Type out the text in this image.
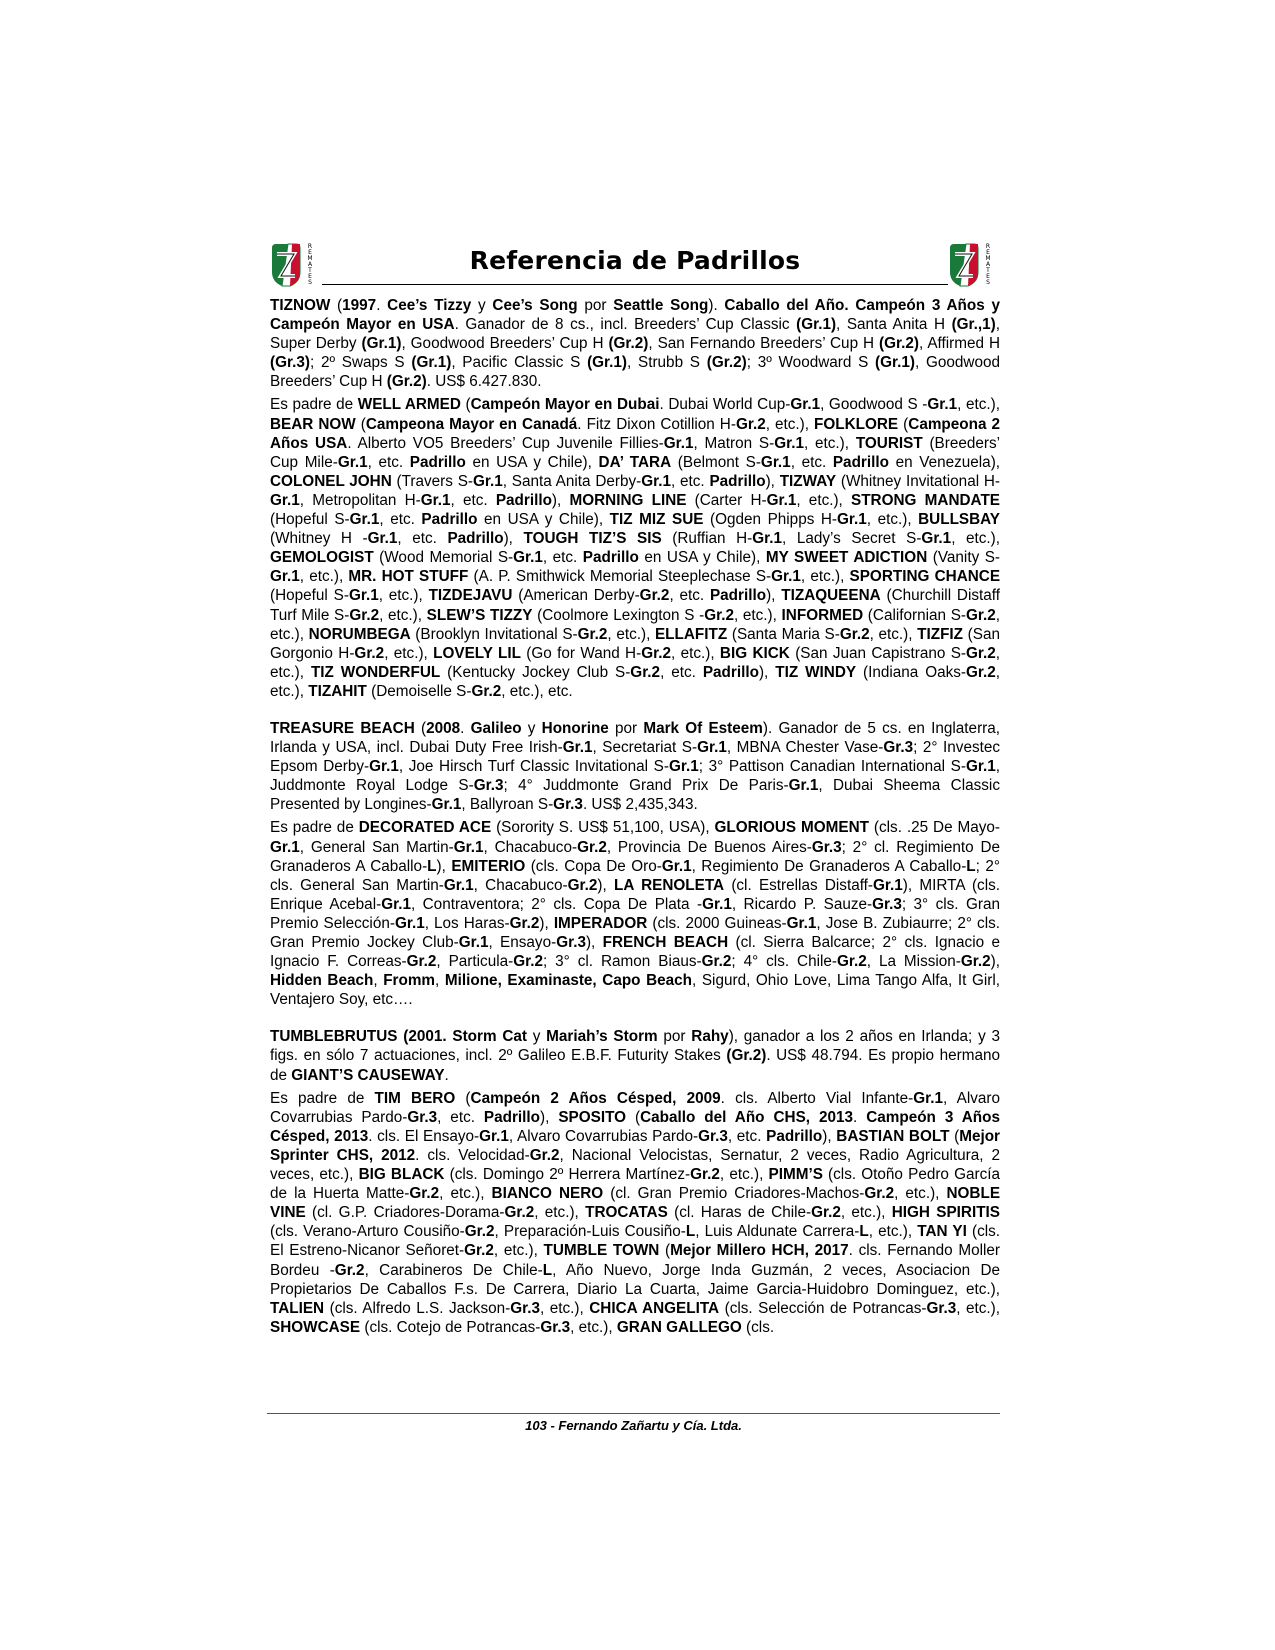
R E M A T E S
Referencia de Padrillos	R E M A T E S

TIZNOW (1997. Cee’s Tizzy y Cee’s Song por Seattle Song). Caballo del Año. Campeón 3 Años y Campeón Mayor en USA. Ganador de 8 cs., incl. Breeders’ Cup Classic (Gr.1), Santa Anita H (Gr.,1), Super Derby (Gr.1), Goodwood Breeders’ Cup H (Gr.2), San Fernando Breeders’ Cup H (Gr.2), Affirmed H (Gr.3); 2º Swaps S (Gr.1), Pacific Classic S (Gr.1), Strubb S (Gr.2); 3º Woodward S (Gr.1), Goodwood Breeders’ Cup H (Gr.2). US$ 6.427.830.

Es padre de WELL ARMED (Campeón Mayor en Dubai. Dubai World Cup-Gr.1, Goodwood S -Gr.1, etc.), BEAR NOW (Campeona Mayor en Canadá. Fitz Dixon Cotillion H-Gr.2, etc.), FOLKLORE (Campeona 2 Años USA. Alberto VO5 Breeders’ Cup Juvenile Fillies-Gr.1, Matron S-Gr.1, etc.), TOURIST (Breeders’ Cup Mile-Gr.1, etc. Padrillo en USA y Chile), DA’ TARA (Belmont S-Gr.1, etc. Padrillo en Venezuela), COLONEL JOHN (Travers S-Gr.1, Santa Anita Derby-Gr.1, etc. Padrillo), TIZWAY (Whitney Invitational H-Gr.1, Metropolitan H-Gr.1, etc. Padrillo), MORNING LINE (Carter H-Gr.1, etc.), STRONG MANDATE (Hopeful S-Gr.1, etc. Padrillo en USA y Chile), TIZ MIZ SUE (Ogden Phipps H-Gr.1, etc.), BULLSBAY (Whitney H -Gr.1, etc. Padrillo), TOUGH TIZ’S SIS (Ruffian H-Gr.1, Lady’s Secret S-Gr.1, etc.), GEMOLOGIST (Wood Memorial S-Gr.1, etc. Padrillo en USA y Chile), MY SWEET ADICTION (Vanity S-Gr.1, etc.), MR. HOT STUFF (A. P. Smithwick Memorial Steeplechase S-Gr.1, etc.), SPORTING CHANCE (Hopeful S-Gr.1, etc.), TIZDEJAVU (American Derby-Gr.2, etc. Padrillo), TIZAQUEENA (Churchill Distaff Turf Mile S-Gr.2, etc.), SLEW’S TIZZY (Coolmore Lexington S -Gr.2, etc.), INFORMED (Californian S-Gr.2, etc.), NORUMBEGA (Brooklyn Invitational S-Gr.2, etc.), ELLAFITZ (Santa Maria S-Gr.2, etc.), TIZFIZ (San Gorgonio H-Gr.2, etc.), LOVELY LIL (Go for Wand H-Gr.2, etc.), BIG KICK (San Juan Capistrano S-Gr.2, etc.), TIZ WONDERFUL (Kentucky Jockey Club S-Gr.2, etc. Padrillo), TIZ WINDY (Indiana Oaks-Gr.2, etc.), TIZAHIT (Demoiselle S-Gr.2, etc.), etc.

TREASURE BEACH (2008. Galileo y Honorine por Mark Of Esteem). Ganador de 5 cs. en Inglaterra, Irlanda y USA, incl. Dubai Duty Free Irish-Gr.1, Secretariat S-Gr.1, MBNA Chester Vase-Gr.3; 2° Investec Epsom Derby-Gr.1, Joe Hirsch Turf Classic Invitational S-Gr.1; 3° Pattison Canadian International S-Gr.1, Juddmonte Royal Lodge S-Gr.3; 4° Juddmonte Grand Prix De Paris-Gr.1, Dubai Sheema Classic Presented by Longines-Gr.1, Ballyroan S-Gr.3. US$ 2,435,343.

Es padre de DECORATED ACE (Sorority S. US$ 51,100, USA), GLORIOUS MOMENT (cls. .25 De Mayo-Gr.1, General San Martin-Gr.1, Chacabuco-Gr.2, Provincia De Buenos Aires-Gr.3; 2° cl. Regimiento De Granaderos A Caballo-L), EMITERIO (cls. Copa De Oro-Gr.1, Regimiento De Granaderos A Caballo-L; 2° cls. General San Martin-Gr.1, Chacabuco-Gr.2), LA RENOLETA (cl. Estrellas Distaff-Gr.1), MIRTA (cls. Enrique Acebal-Gr.1, Contraventora; 2° cls. Copa De Plata -Gr.1, Ricardo P. Sauze-Gr.3; 3° cls. Gran Premio Selección-Gr.1, Los Haras-Gr.2), IMPERADOR (cls. 2000 Guineas-Gr.1, Jose B. Zubiaurre; 2° cls. Gran Premio Jockey Club-Gr.1, Ensayo-Gr.3), FRENCH BEACH (cl. Sierra Balcarce; 2° cls. Ignacio e Ignacio F. Correas-Gr.2, Particula-Gr.2; 3° cl. Ramon Biaus-Gr.2; 4° cls. Chile-Gr.2, La Mission-Gr.2), Hidden Beach, Fromm, Milione, Examinaste, Capo Beach, Sigurd, Ohio Love, Lima Tango Alfa, It Girl, Ventajero Soy, etc….

TUMBLEBRUTUS (2001. Storm Cat y Mariah’s Storm por Rahy), ganador a los 2 años en Irlanda; y 3 figs. en sólo 7 actuaciones, incl. 2º Galileo E.B.F. Futurity Stakes (Gr.2). US$ 48.794. Es propio hermano de GIANT’S CAUSEWAY.

Es padre de TIM BERO (Campeón 2 Años Césped, 2009. cls. Alberto Vial Infante-Gr.1, Alvaro Covarrubias Pardo-Gr.3, etc. Padrillo), SPOSITO (Caballo del Año CHS, 2013. Campeón 3 Años Césped, 2013. cls. El Ensayo-Gr.1, Alvaro Covarrubias Pardo-Gr.3, etc. Padrillo), BASTIAN BOLT (Mejor Sprinter CHS, 2012. cls. Velocidad-Gr.2, Nacional Velocistas, Sernatur, 2 veces, Radio Agricultura, 2 veces, etc.), BIG BLACK (cls. Domingo 2º Herrera Martínez-Gr.2, etc.), PIMM’S (cls. Otoño Pedro García de la Huerta Matte-Gr.2, etc.), BIANCO NERO (cl. Gran Premio Criadores-Machos-Gr.2, etc.), NOBLE VINE (cl. G.P. Criadores-Dorama-Gr.2, etc.), TROCATAS (cl. Haras de Chile-Gr.2, etc.), HIGH SPIRITIS (cls. Verano-Arturo Cousiño-Gr.2, Preparación-Luis Cousiño-L, Luis Aldunate Carrera-L, etc.), TAN YI (cls. El Estreno-Nicanor Señoret-Gr.2, etc.), TUMBLE TOWN (Mejor Millero HCH, 2017. cls. Fernando Moller Bordeu -Gr.2, Carabineros De Chile-L, Año Nuevo, Jorge Inda Guzmán, 2 veces, Asociacion De Propietarios De Caballos F.s. De Carrera, Diario La Cuarta, Jaime Garcia-Huidobro Dominguez, etc.), TALIEN (cls. Alfredo L.S. Jackson-Gr.3, etc.), CHICA ANGELITA (cls. Selección de Potrancas-Gr.3, etc.), SHOWCASE (cls. Cotejo de Potrancas-Gr.3, etc.), GRAN GALLEGO (cls.

103 - Fernando Zañartu y Cía. Ltda.
